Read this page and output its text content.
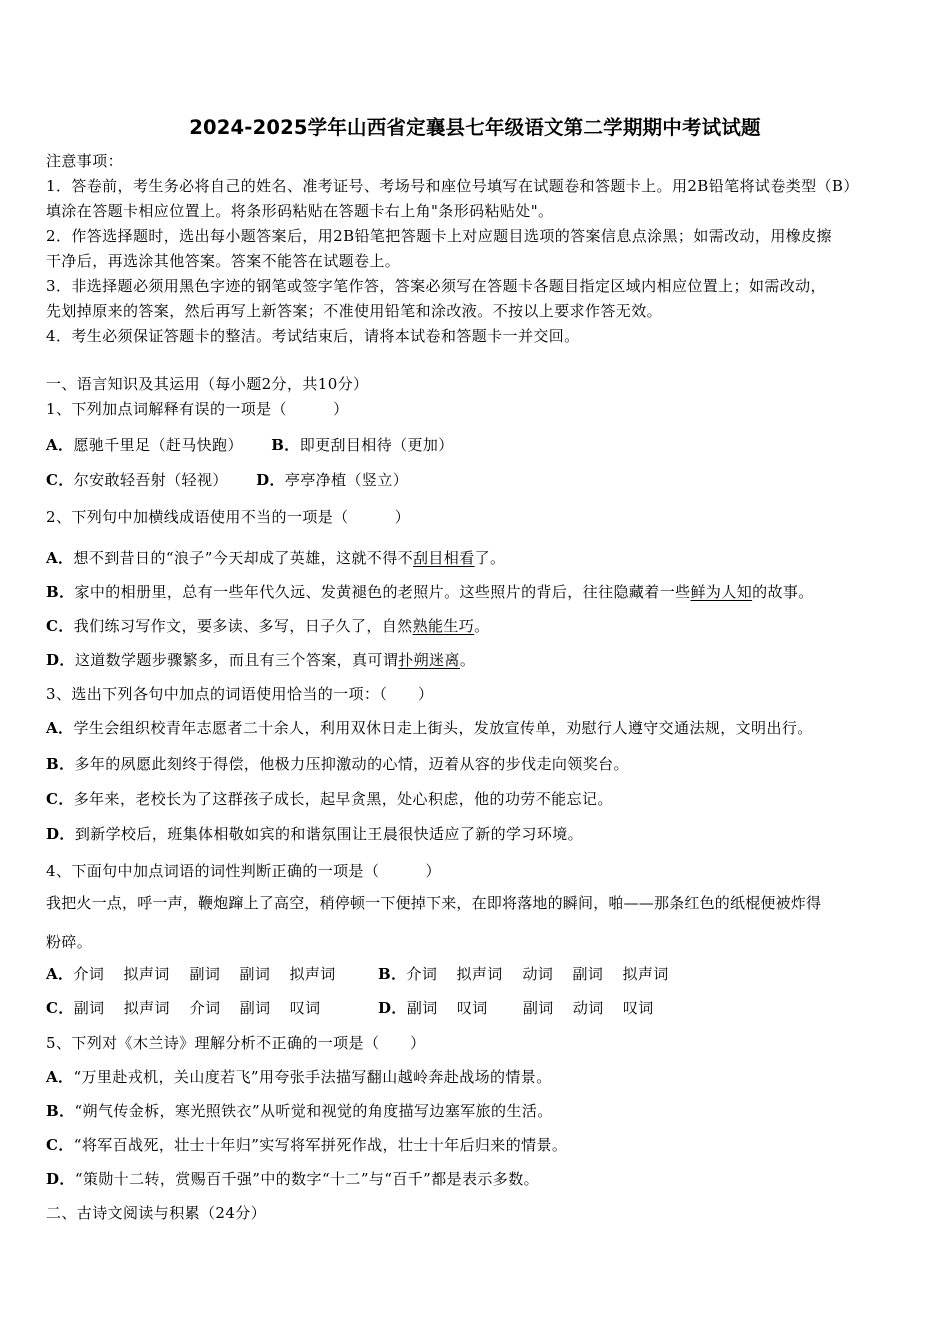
2024-2025学年山西省定襄县七年级语文第二学期期中考试试题
注意事项：
1．答卷前，考生务必将自己的姓名、准考证号、考场号和座位号填写在试题卷和答题卡上。用2B铅笔将试卷类型（B）
填涂在答题卡相应位置上。将条形码粘贴在答题卡右上角"条形码粘贴处"。
2．作答选择题时，选出每小题答案后，用2B铅笔把答题卡上对应题目选项的答案信息点涂黑；如需改动，用橡皮擦
干净后，再选涂其他答案。答案不能答在试题卷上。
3．非选择题必须用黑色字迹的钢笔或签字笔作答，答案必须写在答题卡各题目指定区域内相应位置上；如需改动，
先划掉原来的答案，然后再写上新答案；不准使用铅笔和涂改液。不按以上要求作答无效。
4．考生必须保证答题卡的整洁。考试结束后，请将本试卷和答题卡一并交回。
一、语言知识及其运用（每小题2分，共10分）
1、下列加点词解释有误的一项是（　　　）
A．愿驰千里足（赶马快跑） B．即更刮目相待（更加）
C．尔安敢轻吾射（轻视） D．亭亭净植（竖立）
2、下列句中加横线成语使用不当的一项是（　　　）
A．想不到昔日的“浪子”今天却成了英雄，这就不得不刮目相看了。
B．家中的相册里，总有一些年代久远、发黄褪色的老照片。这些照片的背后，往往隐藏着一些鲜为人知的故事。
C．我们练习写作文，要多读、多写，日子久了，自然熟能生巧。
D．这道数学题步骤繁多，而且有三个答案，真可谓扑朔迷离。
3、选出下列各句中加点的词语使用恰当的一项：（　　）
A．学生会组织校青年志愿者二十余人，利用双休日走上街头，发放宣传单，劝慰行人遵守交通法规，文明出行。
B．多年的夙愿此刻终于得偿，他极力压抑激动的心情，迈着从容的步伐走向领奖台。
C．多年来，老校长为了这群孩子成长，起早贪黑，处心积虑，他的功劳不能忘记。
D．到新学校后，班集体相敬如宾的和谐氛围让王晨很快适应了新的学习环境。
4、下面句中加点词语的词性判断正确的一项是（　　　）
我把火一点，呼一声，鞭炮蹿上了高空，稍停顿一下便掉下来，在即将落地的瞬间，啪——那条红色的纸棍便被炸得
粉碎。
A．介词 拟声词 副词 副词 拟声词	B．介词 拟声词 动词 副词 拟声词
C．副词 拟声词 介词 副词 叹词	D．副词 叹词 副词 动词 叹词
5、下列对《木兰诗》理解分析不正确的一项是（　　）
A．“万里赴戎机，关山度若飞”用夸张手法描写翻山越岭奔赴战场的情景。
B．“朔气传金柝，寒光照铁衣”从听觉和视觉的角度描写边塞军旅的生活。
C．“将军百战死，壮士十年归”实写将军拼死作战，壮士十年后归来的情景。
D．“策勋十二转，赏赐百千强”中的数字“十二”与“百千”都是表示多数。
二、古诗文阅读与积累（24分）
